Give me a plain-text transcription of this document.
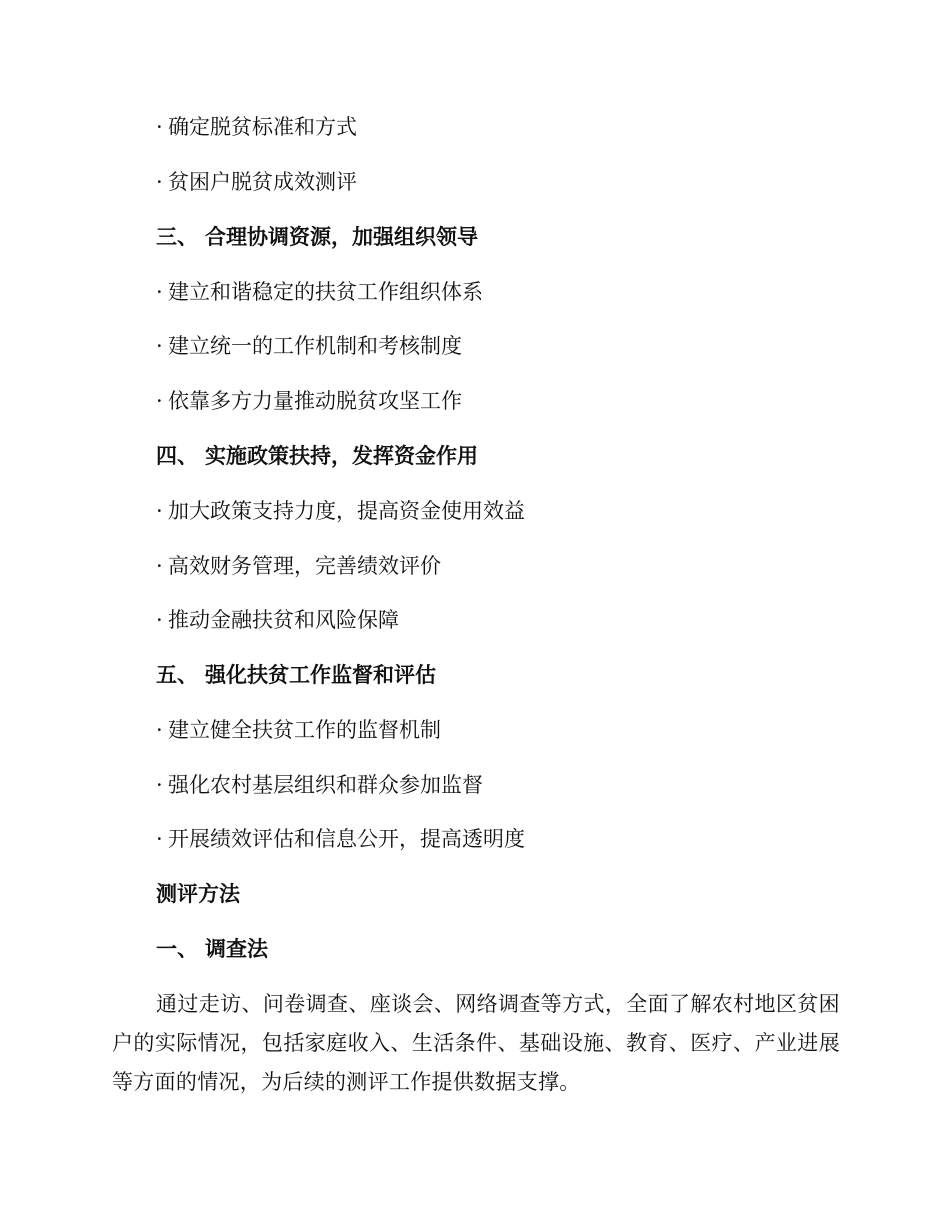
· 确定脱贫标准和方式
· 贫困户脱贫成效测评
三、 合理协调资源，加强组织领导
· 建立和谐稳定的扶贫工作组织体系
· 建立统一的工作机制和考核制度
· 依靠多方力量推动脱贫攻坚工作
四、 实施政策扶持，发挥资金作用
· 加大政策支持力度，提高资金使用效益
· 高效财务管理，完善绩效评价
· 推动金融扶贫和风险保障
五、 强化扶贫工作监督和评估
· 建立健全扶贫工作的监督机制
· 强化农村基层组织和群众参加监督
· 开展绩效评估和信息公开，提高透明度
测评方法
一、 调查法
通过走访、问卷调查、座谈会、网络调查等方式，全面了解农村地区贫困户的实际情况，包括家庭收入、生活条件、基础设施、教育、医疗、产业进展等方面的情况，为后续的测评工作提供数据支撑。
